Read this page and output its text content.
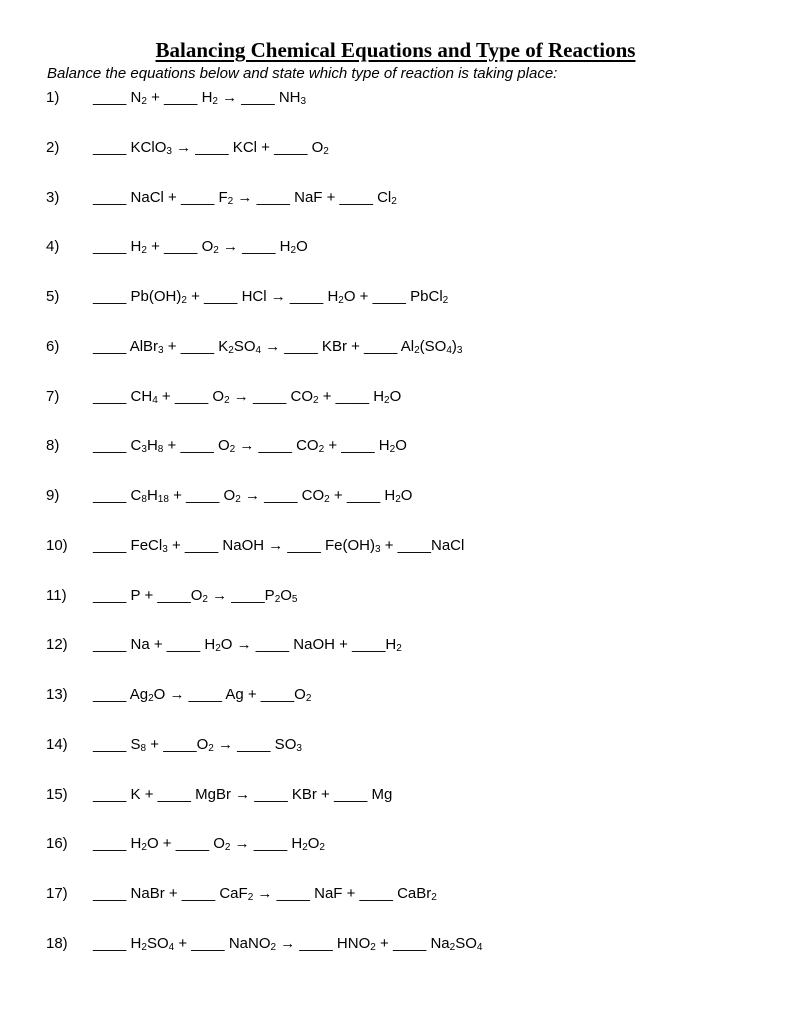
Balancing Chemical Equations and Type of Reactions
Balance the equations below and state which type of reaction is taking place:
1) ____ $N_2$ + ____ $H_2$ → ____ $NH_3$
2) ____ KClO$_3$ → ____ KCl + ____ $O_2$
3) ____ NaCl + ____ $F_2$ → ____ NaF + ____ $Cl_2$
4) ____ $H_2$ + ____ $O_2$ → ____ $H_2O$
5) ____ $Pb(OH)_2$ + ____ HCl → ____ $H_2O$ + ____ PbCl$_2$
6) ____ AlBr$_3$ + ____ $K_2SO_4$ → ____ KBr + ____ $Al_2(SO_4)_3$
7) ____ $CH_4$ + ____ $O_2$ → ____ $CO_2$ + ____ $H_2O$
8) ____ $C_3H_8$ + ____ $O_2$ → ____ $CO_2$ + ____ $H_2O$
9) ____ $C_8H_{18}$ + ____ $O_2$ → ____ $CO_2$ + ____ $H_2O$
10) ____ FeCl$_3$ + ____ NaOH → ____ $Fe(OH)_3$ + ____NaCl
11) ____ $P + \_\_\_\_O_2$ → $\_\_\_\_P_2O_5$
12) ____ Na + ____ $H_2O$ → ____ NaOH + $\_\_\_\_H_2$
13) ____ $Ag_2O$ → ____ $Ag + \_\_\_\_O_2$
14) ____ $S_8$ + $\_\_\_\_O_2$ → ____ $SO_3$
15) ____ K + ____ MgBr → ____ KBr + ____ Mg
16) ____ $H_2O$ + ____ $O_2$ → ____ $H_2O_2$
17) ____ NaBr + ____ CaF$_2$ → ____ NaF + ____ CaBr$_2$
18) ____ $H_2SO_4$ + ____ NaNO$_2$ → ____ $HNO_2$ + ____ $Na_2SO_4$
